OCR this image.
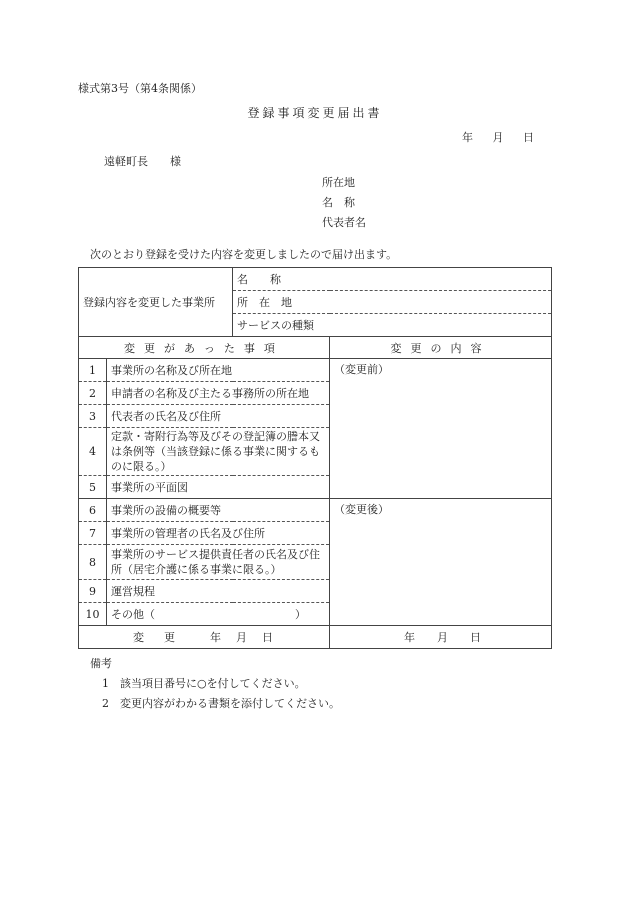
様式第3号（第4条関係）
登録事項変更届出書
年 月 日
遠軽町長 様
所在地
名　称
代表者名
次のとおり登録を受けた内容を変更しましたので届け出ます。
登録内容を変更した事業所		名　　称	
		所　在　地	
		サービスの種類	
変更があった事項			変更の内容
1	事業所の名称及び所在地		（変更前）
2	申請者の名称及び主たる事務所の所在地		
3	代表者の氏名及び住所		
4	定款・寄附行為等及びその登記簿の謄本又は条例等（当該登録に係る事業に関するものに限る。）		
5	事業所の平面図		
6	事業所の設備の概要等		（変更後）
7	事業所の管理者の氏名及び住所		
8	事業所のサービス提供責任者の氏名及び住所（居宅介護に係る事業に限る。）		
9	運営規程		
10	その他（ ）		

変更 年 月 日			年 月 日
備考
1 該当項目番号に○を付してください。
2 変更内容がわかる書類を添付してください。
